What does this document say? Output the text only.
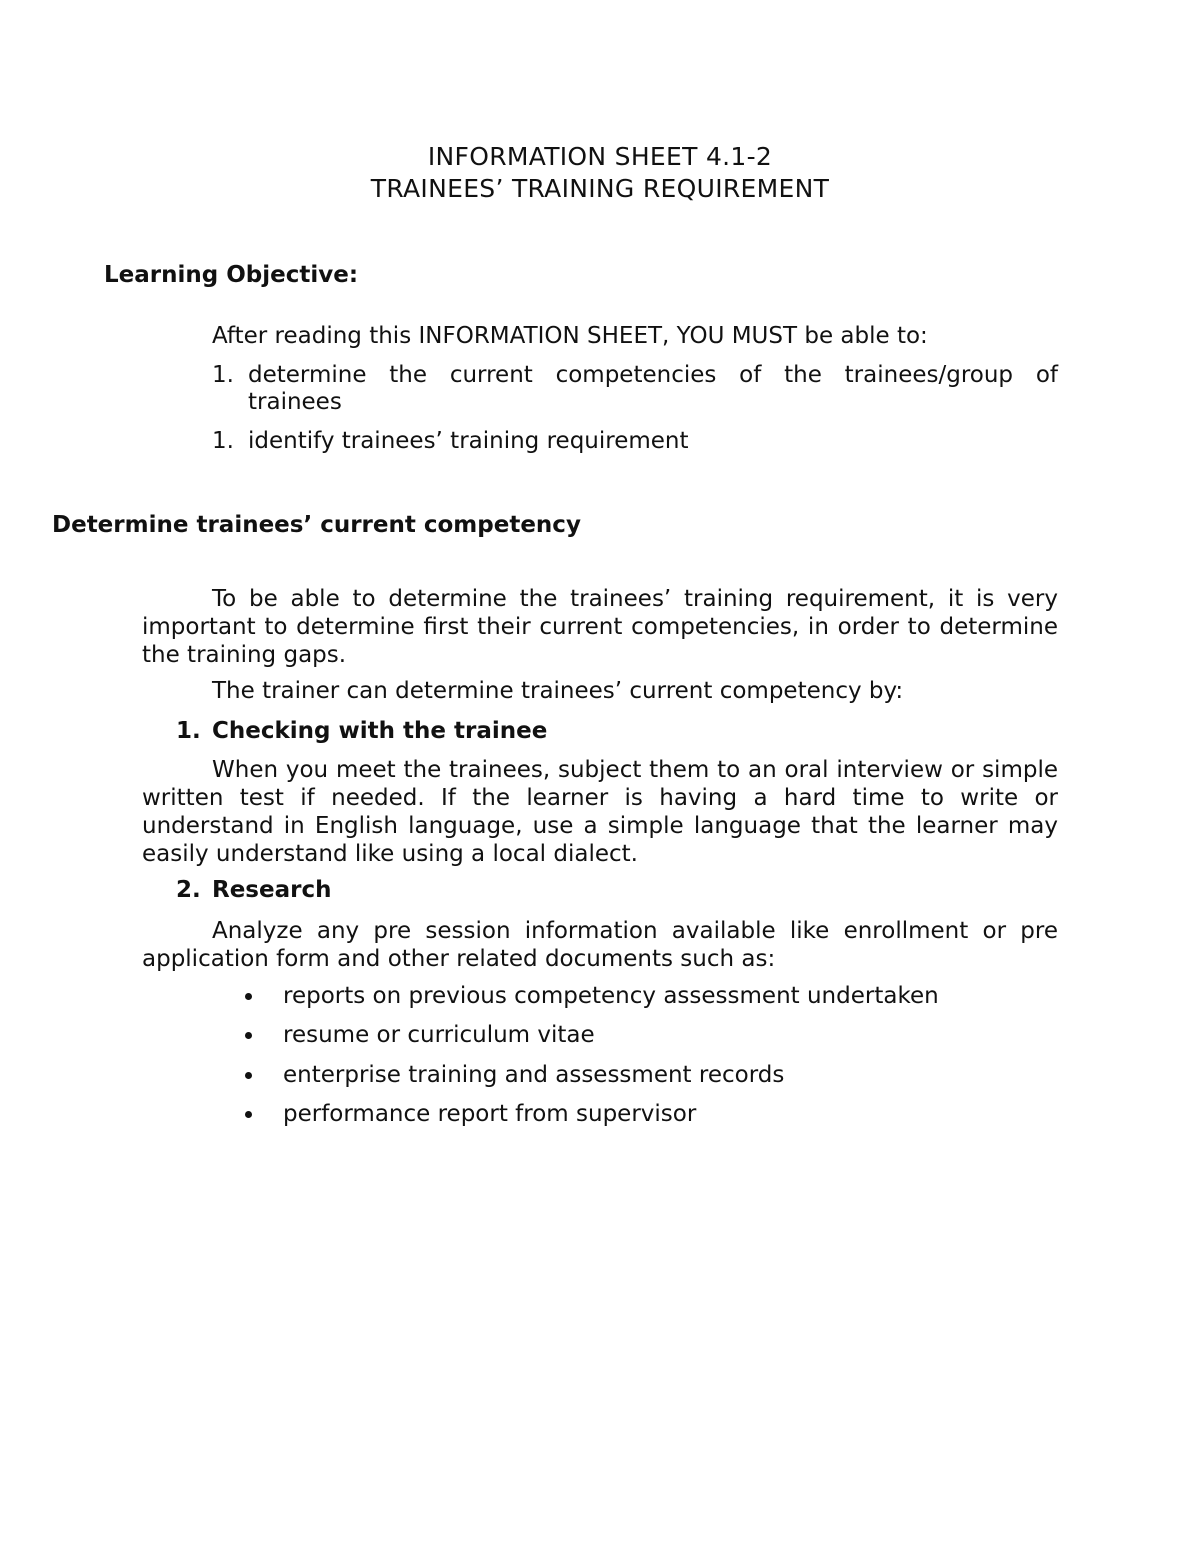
INFORMATION SHEET 4.1-2
TRAINEES’ TRAINING REQUIREMENT
Learning Objective:
After reading this INFORMATION SHEET, YOU MUST be able to:
1. determine the current competencies of the trainees/group of
trainees
1. identify trainees’ training requirement
Determine trainees’ current competency
To be able to determine the trainees’ training requirement, it is very important to determine first their current competencies, in order to determine the training gaps.
The trainer can determine trainees’ current competency by:
1. Checking with the trainee
When you meet the trainees, subject them to an oral interview or simple written test if needed. If the learner is having a hard time to write or understand in English language, use a simple language that the learner may easily understand like using a local dialect.
2. Research
Analyze any pre session information available like enrollment or pre application form and other related documents such as:
reports on previous competency assessment undertaken
resume or curriculum vitae
enterprise training and assessment records
performance report from supervisor
